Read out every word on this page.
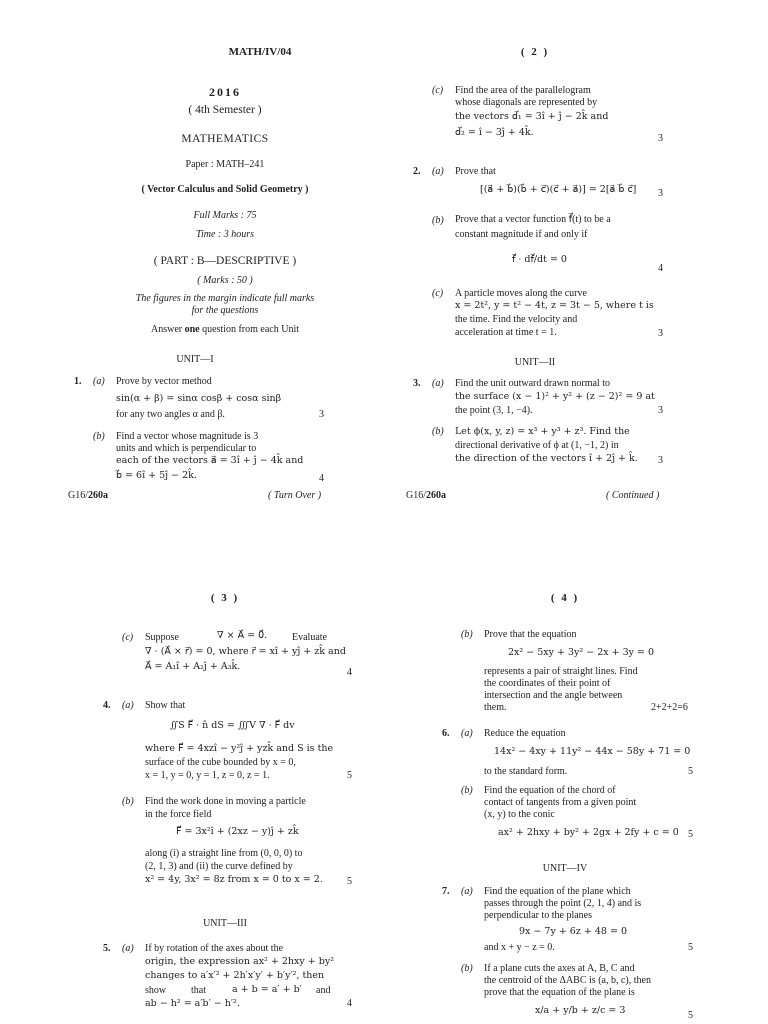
MATH/IV/04
2016
( 4th Semester )
MATHEMATICS
Paper : MATH–241
( Vector Calculus and Solid Geometry )
Full Marks : 75
Time : 3 hours
( PART : B—DESCRIPTIVE )
( Marks : 50 )
The figures in the margin indicate full marks
for the questions
Answer one question from each Unit
UNIT—I
1. (a) Prove by vector method
sin(α + β) = sinα cosβ + cosα sinβ
for any two angles α and β.	3
(b) Find a vector whose magnitude is 3
units and which is perpendicular to
each of the vectors a⃗ = 3î + ĵ − 4k̂ and
b⃗ = 6î + 5ĵ − 2k̂.	4
G16/260a	( Turn Over )
( 2 )
(c) Find the area of the parallelogram
whose diagonals are represented by
the vectors d⃗₁ = 3î + ĵ − 2k̂ and
d⃗₂ = î − 3ĵ + 4k̂.
3
2. (a) Prove that
[(a⃗ + b⃗)(b⃗ + c⃗)(c⃗ + a⃗)] = 2[a⃗ b⃗ c⃗] 3
(b) Prove that a vector function f⃗(t) to be a
constant magnitude if and only if
f⃗ · df⃗/dt = 0
4
(c) A particle moves along the curve
x = 2t², y = t² − 4t, z = 3t − 5, where t is
the time. Find the velocity and
acceleration at time t = 1.	3
UNIT—II
3. (a) Find the unit outward drawn normal to
the surface (x − 1)² + y² + (z − 2)² = 9 at
the point (3, 1, −4).	3
(b) Let ϕ(x, y, z) = x³ + y³ + z³. Find the
directional derivative of ϕ at (1, −1, 2) in
the direction of the vectors î + 2ĵ + k̂. 3
G16/260a	( Continued )
( 3 )
(c) Suppose	∇ × A⃗ = 0⃗. Evaluate
∇ · (A⃗ × r⃗) = 0, where r⃗ = xî + yĵ + zk̂ and
A⃗ = A₁î + A₂ĵ + A₃k̂.
4
4. (a) Show that
∬S F⃗ · n̂ dS = ∭V ∇ · F⃗ dv
where F⃗ = 4xzî − y²ĵ + yzk̂ and S is the
surface of the cube bounded by x = 0,
x = 1, y = 0, y = 1, z = 0, z = 1.	5
(b) Find the work done in moving a particle
in the force field
F⃗ = 3x²î + (2xz − y)ĵ + zk̂
along (i) a straight line from (0, 0, 0) to
(2, 1, 3) and (ii) the curve defined by
x² = 4y, 3x² = 8z from x = 0 to x = 2. 5
UNIT—III
5. (a) If by rotation of the axes about the
origin, the expression ax² + 2hxy + by²
changes to a′x′² + 2h′x′y′ + b′y′², then
show that	a + b = a′ + b′ and
ab − h² = a′b′ − h′².	4
( 4 )
(b) Prove that the equation
2x² − 5xy + 3y² − 2x + 3y = 0
represents a pair of straight lines. Find
the coordinates of their point of
intersection and the angle between
them.	2+2+2=6
6. (a) Reduce the equation
14x² − 4xy + 11y² − 44x − 58y + 71 = 0
to the standard form.	5
(b) Find the equation of the chord of
contact of tangents from a given point
(x, y) to the conic
ax² + 2hxy + by² + 2gx + 2fy + c = 0 5
UNIT—IV
7. (a) Find the equation of the plane which
passes through the point (2, 1, 4) and is
perpendicular to the planes
9x − 7y + 6z + 48 = 0
and x + y − z = 0.	5
(b) If a plane cuts the axes at A, B, C and
the centroid of the ΔABC is (a, b, c), then
prove that the equation of the plane is
x/a + y/b + z/c = 3	5
